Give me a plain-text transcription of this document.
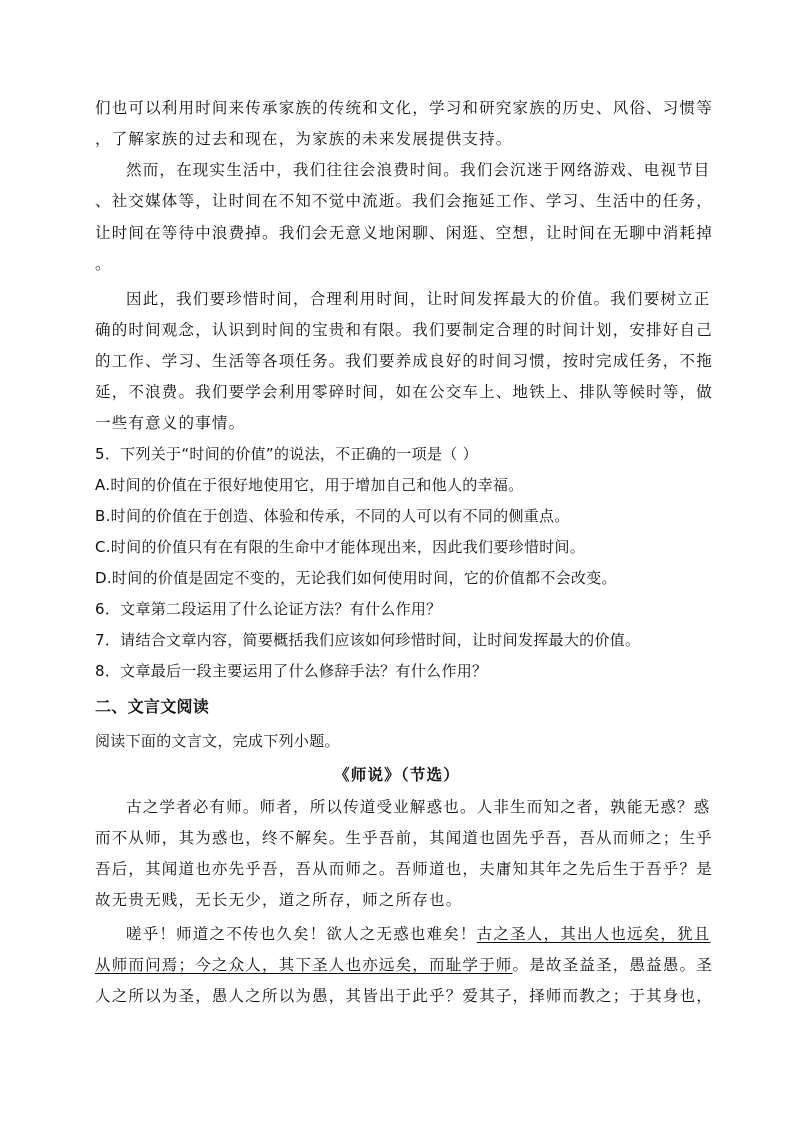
们也可以利用时间来传承家族的传统和文化，学习和研究家族的历史、风俗、习惯等
，了解家族的过去和现在，为家族的未来发展提供支持。
然而，在现实生活中，我们往往会浪费时间。我们会沉迷于网络游戏、电视节目
、社交媒体等，让时间在不知不觉中流逝。我们会拖延工作、学习、生活中的任务，
让时间在等待中浪费掉。我们会无意义地闲聊、闲逛、空想，让时间在无聊中消耗掉
。
因此，我们要珍惜时间，合理利用时间，让时间发挥最大的价值。我们要树立正
确的时间观念，认识到时间的宝贵和有限。我们要制定合理的时间计划，安排好自己
的工作、学习、生活等各项任务。我们要养成良好的时间习惯，按时完成任务，不拖
延，不浪费。我们要学会利用零碎时间，如在公交车上、地铁上、排队等候时等，做
一些有意义的事情。
5．下列关于“时间的价值”的说法，不正确的一项是（ ）
A.时间的价值在于很好地使用它，用于增加自己和他人的幸福。
B.时间的价值在于创造、体验和传承，不同的人可以有不同的侧重点。
C.时间的价值只有在有限的生命中才能体现出来，因此我们要珍惜时间。
D.时间的价值是固定不变的，无论我们如何使用时间，它的价值都不会改变。
6．文章第二段运用了什么论证方法？有什么作用？
7．请结合文章内容，简要概括我们应该如何珍惜时间，让时间发挥最大的价值。
8．文章最后一段主要运用了什么修辞手法？有什么作用？
二、文言文阅读
阅读下面的文言文，完成下列小题。
《师说》（节选）
古之学者必有师。师者，所以传道受业解惑也。人非生而知之者，孰能无惑？惑
而不从师，其为惑也，终不解矣。生乎吾前，其闻道也固先乎吾，吾从而师之；生乎
吾后，其闻道也亦先乎吾，吾从而师之。吾师道也，夫庸知其年之先后生于吾乎？是
故无贵无贱，无长无少，道之所存，师之所存也。
嗟乎！师道之不传也久矣！欲人之无惑也难矣！古之圣人，其出人也远矣，犹且
从师而问焉；今之众人，其下圣人也亦远矣，而耻学于师。是故圣益圣，愚益愚。圣
人之所以为圣，愚人之所以为愚，其皆出于此乎？爱其子，择师而教之；于其身也，
